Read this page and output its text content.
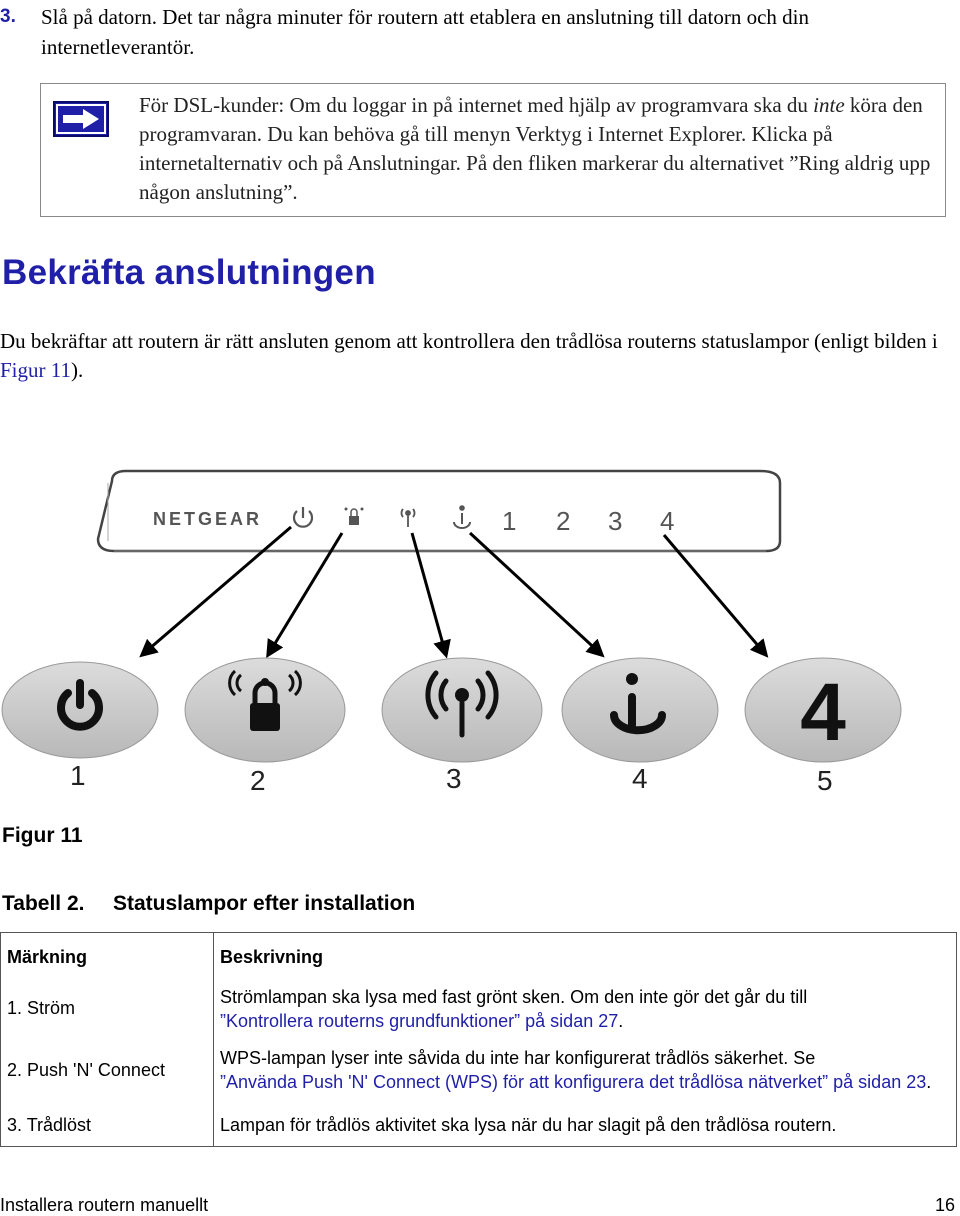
3. Slå på datorn. Det tar några minuter för routern att etablera en anslutning till datorn och din internetleverantör.
För DSL-kunder: Om du loggar in på internet med hjälp av programvara ska du inte köra den programvaran. Du kan behöva gå till menyn Verktyg i Internet Explorer. Klicka på internetalternativ och på Anslutningar. På den fliken markerar du alternativet ”Ring aldrig upp någon anslutning”.
Bekräfta anslutningen
Du bekräftar att routern är rätt ansluten genom att kontrollera den trådlösa routerns statuslampor (enligt bilden i Figur 11).
NETGEAR	1 2 3 4
4
1	2	3	4	5
Figur 11
Tabell 2. Statuslampor efter installation
Märkning	Beskrivning
1. Ström	Strömlampan ska lysa med fast grönt sken. Om den inte gör det går du till
”Kontrollera routerns grundfunktioner” på sidan 27.
2. Push 'N' Connect	WPS-lampan lyser inte såvida du inte har konfigurerat trådlös säkerhet. Se
”Använda Push 'N' Connect (WPS) för att konfigurera det trådlösa nätverket” på sidan 23.
3. Trådlöst	Lampan för trådlös aktivitet ska lysa när du har slagit på den trådlösa routern.
Installera routern manuellt	16
